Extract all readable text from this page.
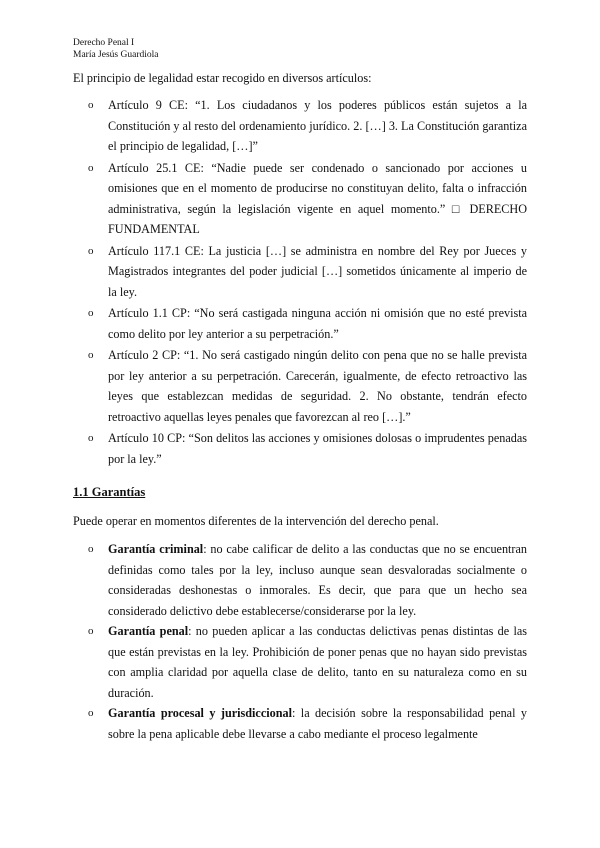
Derecho Penal I
María Jesús Guardiola
El principio de legalidad estar recogido en diversos artículos:
o Artículo 9 CE: “1. Los ciudadanos y los poderes públicos están sujetos a la Constitución y al resto del ordenamiento jurídico. 2. […] 3. La Constitución garantiza el principio de legalidad, […]”
o Artículo 25.1 CE: “Nadie puede ser condenado o sancionado por acciones u omisiones que en el momento de producirse no constituyan delito, falta o infracción administrativa, según la legislación vigente en aquel momento.” □ DERECHO FUNDAMENTAL
o Artículo 117.1 CE: La justicia […] se administra en nombre del Rey por Jueces y Magistrados integrantes del poder judicial […] sometidos únicamente al imperio de la ley.
o Artículo 1.1 CP: “No será castigada ninguna acción ni omisión que no esté prevista como delito por ley anterior a su perpetración.”
o Artículo 2 CP: “1. No será castigado ningún delito con pena que no se halle prevista por ley anterior a su perpetración. Carecerán, igualmente, de efecto retroactivo las leyes que establezcan medidas de seguridad. 2. No obstante, tendrán efecto retroactivo aquellas leyes penales que favorezcan al reo […].”
o Artículo 10 CP: “Son delitos las acciones y omisiones dolosas o imprudentes penadas por la ley.”
1.1 Garantías
Puede operar en momentos diferentes de la intervención del derecho penal.
o Garantía criminal: no cabe calificar de delito a las conductas que no se encuentran definidas como tales por la ley, incluso aunque sean desvaloradas socialmente o consideradas deshonestas o inmorales. Es decir, que para que un hecho sea considerado delictivo debe establecerse/considerarse por la ley.
o Garantía penal: no pueden aplicar a las conductas delictivas penas distintas de las que están previstas en la ley. Prohibición de poner penas que no hayan sido previstas con amplia claridad por aquella clase de delito, tanto en su naturaleza como en su duración.
o Garantía procesal y jurisdiccional: la decisión sobre la responsabilidad penal y sobre la pena aplicable debe llevarse a cabo mediante el proceso legalmente
